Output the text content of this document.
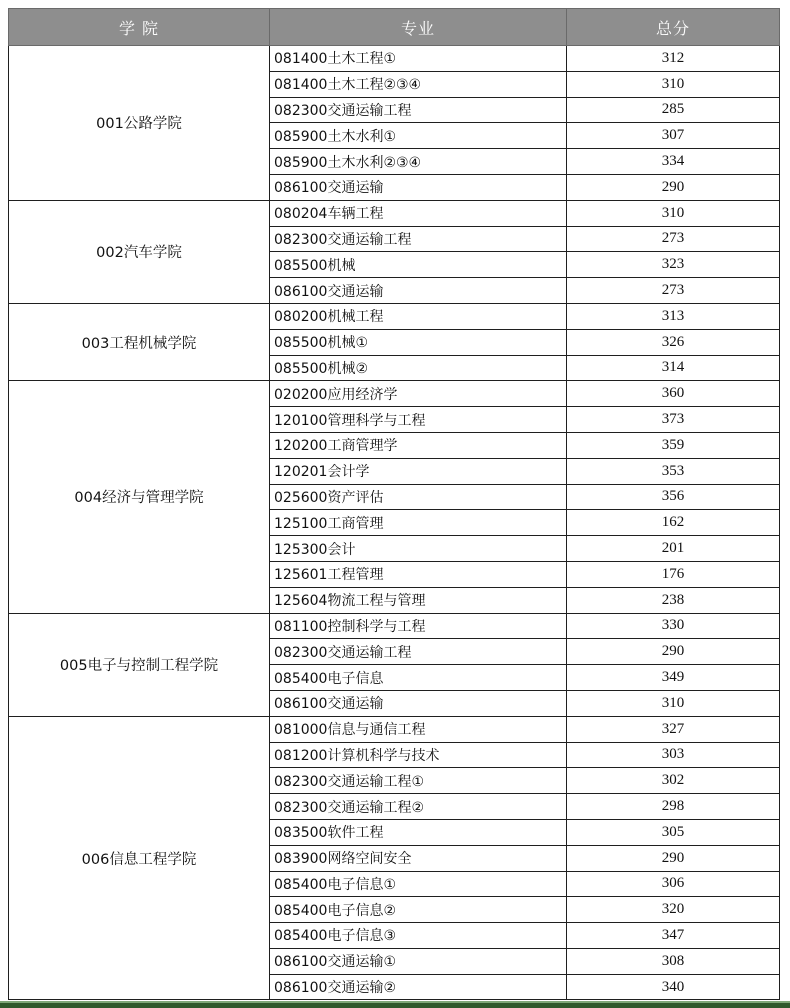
学 院	专业	总分
001公路学院	081400土木工程①	312
	081400土木工程②③④	310
	082300交通运输工程	285
	085900土木水利①	307
	085900土木水利②③④	334
	086100交通运输	290
002汽车学院	080204车辆工程	310
	082300交通运输工程	273
	085500机械	323
	086100交通运输	273
003工程机械学院	080200机械工程	313
	085500机械①	326
	085500机械②	314
004经济与管理学院	020200应用经济学	360
	120100管理科学与工程	373
	120200工商管理学	359
	120201会计学	353
	025600资产评估	356
	125100工商管理	162
	125300会计	201
	125601工程管理	176
	125604物流工程与管理	238
005电子与控制工程学院	081100控制科学与工程	330
	082300交通运输工程	290
	085400电子信息	349
	086100交通运输	310
006信息工程学院	081000信息与通信工程	327
	081200计算机科学与技术	303
	082300交通运输工程①	302
	082300交通运输工程②	298
	083500软件工程	305
	083900网络空间安全	290
	085400电子信息①	306
	085400电子信息②	320
	085400电子信息③	347
	086100交通运输①	308
	086100交通运输②	340
